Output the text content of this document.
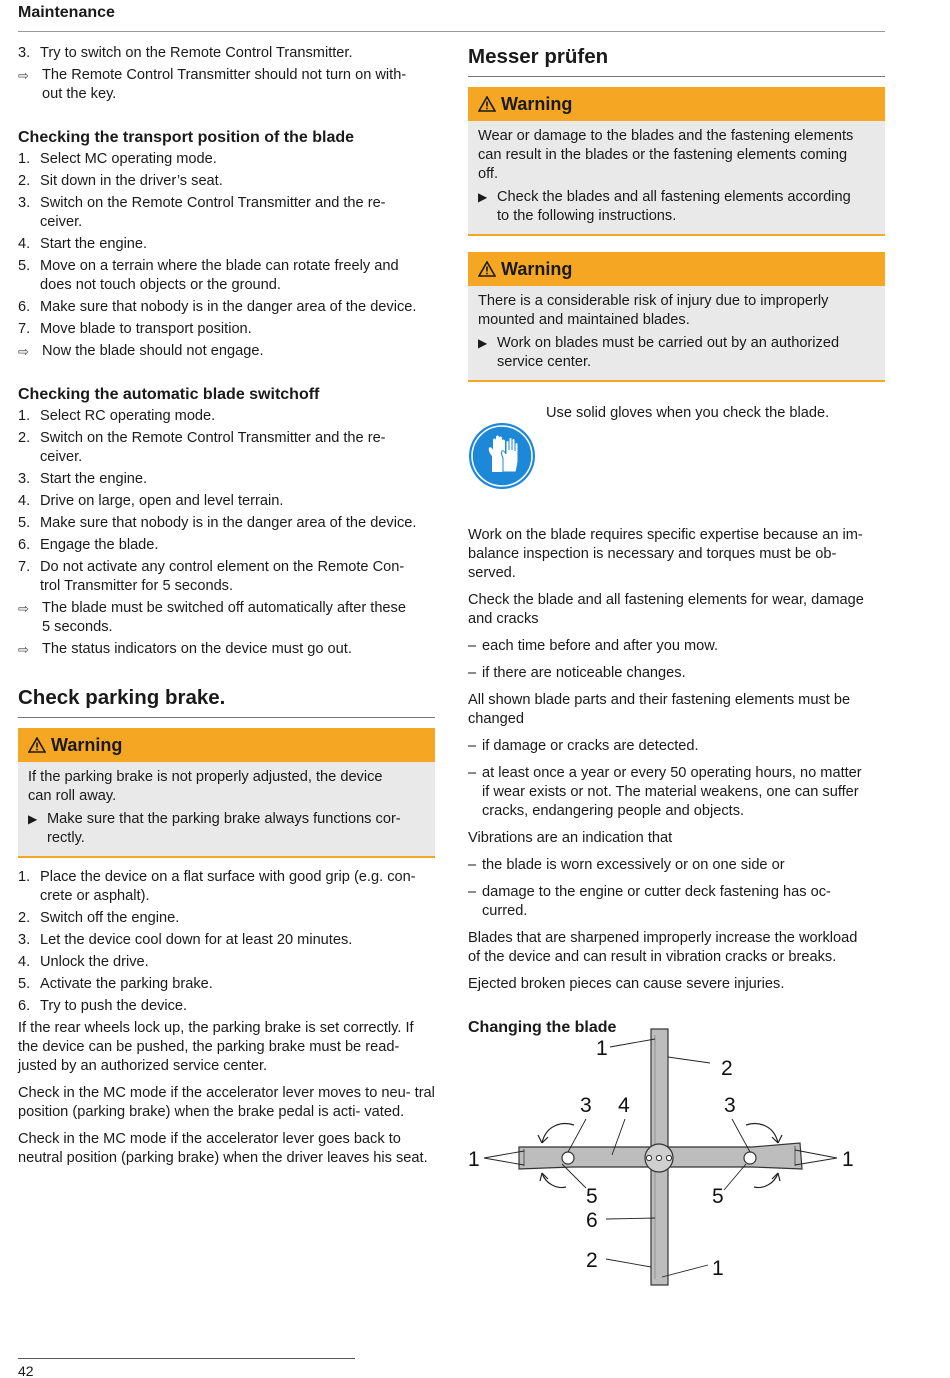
Maintenance
3. Try to switch on the Remote Control Transmitter.
⇨ The Remote Control Transmitter should not turn on with-
out the key.
Checking the transport position of the blade
1. Select MC operating mode.
2. Sit down in the driver’s seat.
3. Switch on the Remote Control Transmitter and the re-
ceiver.
4. Start the engine.
5. Move on a terrain where the blade can rotate freely and
does not touch objects or the ground.
6. Make sure that nobody is in the danger area of the device.
7. Move blade to transport position.
⇨ Now the blade should not engage.
Checking the automatic blade switchoff
1. Select RC operating mode.
2. Switch on the Remote Control Transmitter and the re-
ceiver.
3. Start the engine.
4. Drive on large, open and level terrain.
5. Make sure that nobody is in the danger area of the device.
6. Engage the blade.
7. Do not activate any control element on the Remote Con-
trol Transmitter for 5 seconds.
⇨ The blade must be switched off automatically after these
5 seconds.
⇨ The status indicators on the device must go out.
Check parking brake.
Warning

If the parking brake is not properly adjusted, the device
can roll away.

▶ Make sure that the parking brake always functions cor-
rectly.
1. Place the device on a flat surface with good grip (e.g. con-
crete or asphalt).
2. Switch off the engine.
3. Let the device cool down for at least 20 minutes.
4. Unlock the drive.
5. Activate the parking brake.
6. Try to push the device.

If the rear wheels lock up, the parking brake is set correctly. If the device can be pushed, the parking brake must be read- justed by an authorized service center.

Check in the MC mode if the accelerator lever moves to neu- tral position (parking brake) when the brake pedal is acti- vated.

Check in the MC mode if the accelerator lever goes back to neutral position (parking brake) when the driver leaves his seat.

Messer prüfen
Warning

Wear or damage to the blades and the fastening elements
can result in the blades or the fastening elements coming
off.

▶ Check the blades and all fastening elements according
to the following instructions.
Warning

There is a considerable risk of injury due to improperly
mounted and maintained blades.

▶ Work on blades must be carried out by an authorized
service center.
Use solid gloves when you check the blade.

Work on the blade requires specific expertise because an im-
balance inspection is necessary and torques must be ob-
served.

Check the blade and all fastening elements for wear, damage
and cracks

– each time before and after you mow.
– if there are noticeable changes.

All shown blade parts and their fastening elements must be
changed

– if damage or cracks are detected.
– at least once a year or every 50 operating hours, no matter
if wear exists or not. The material weakens, one can suffer
cracks, endangering people and objects.

Vibrations are an indication that

– the blade is worn excessively or on one side or
– damage to the engine or cutter deck fastening has oc-
curred.

Blades that are sharpened improperly increase the workload
of the device and can result in vibration cracks or breaks.

Ejected broken pieces can cause severe injuries.

Changing the blade
1
2
3 4	3
1	1
5	5
6
2	1
42
